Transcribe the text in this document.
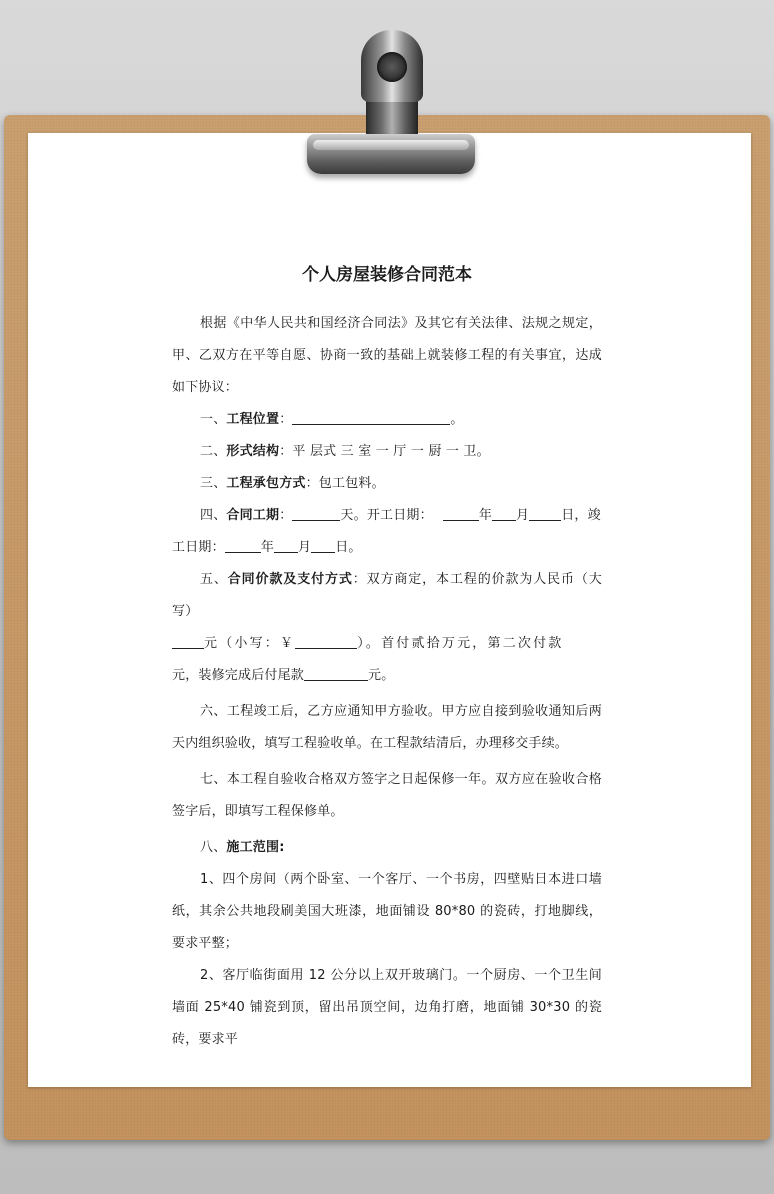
个人房屋装修合同范本

根据《中华人民共和国经济合同法》及其它有关法律、法规之规定，甲、乙双方在平等自愿、协商一致的基础上就装修工程的有关事宜，达成如下协议：

一、工程位置：	。

二、形式结构：平 层式 三 室 一 厅 一 厨 一 卫。

三、工程承包方式：包工包料。

四、合同工期：	天。开工日期：	年 月 日，竣

工日期：	年 月 日。

五、合同价款及支付方式：双方商定，本工程的价款为人民币（大写）

元（小写：￥	）。首付贰拾万元，第二次付款

元，装修完成后付尾款	元。

六、工程竣工后，乙方应通知甲方验收。甲方应自接到验收通知后两天内组织验收，填写工程验收单。在工程款结清后，办理移交手续。

七、本工程自验收合格双方签字之日起保修一年。双方应在验收合格签字后，即填写工程保修单。

八、施工范围:

1、四个房间（两个卧室、一个客厅、一个书房，四壁贴日本进口墙纸，其余公共地段刷美国大班漆，地面铺设 80*80 的瓷砖，打地脚线，要求平整；

2、客厅临街面用 12 公分以上双开玻璃门。一个厨房、一个卫生间墙面 25*40 铺瓷到顶，留出吊顶空间，边角打磨，地面铺 30*30 的瓷砖，要求平
